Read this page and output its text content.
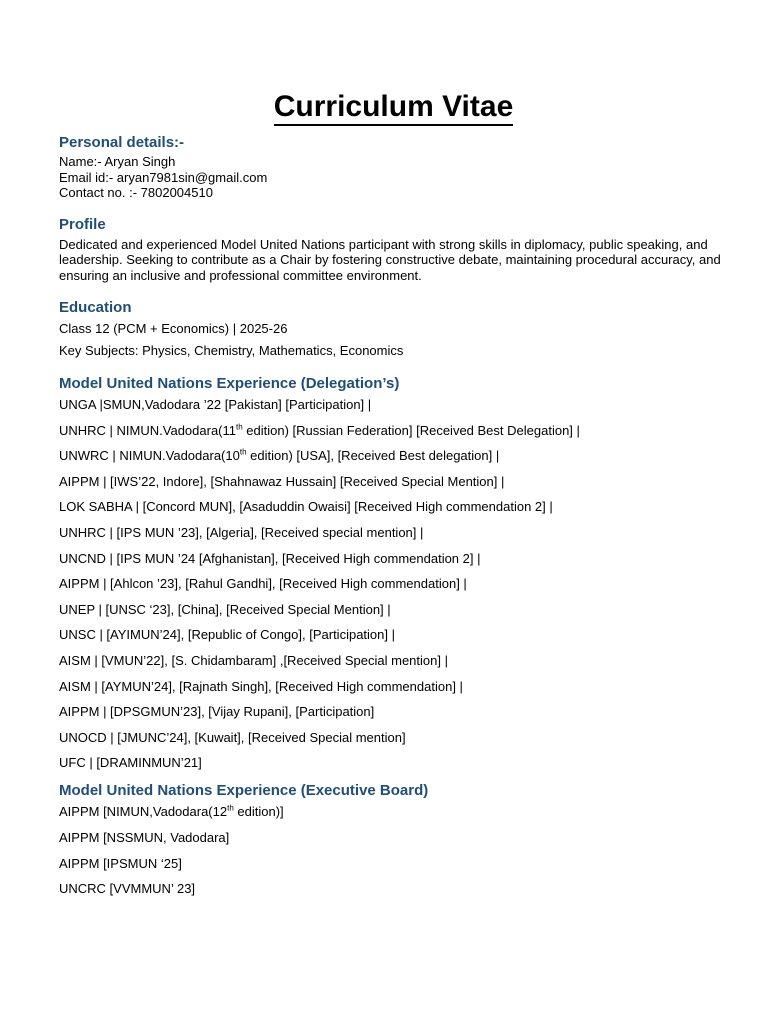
Curriculum Vitae

Personal details:-

Name:- Aryan Singh

Email id:- aryan7981sin@gmail.com

Contact no. :- 7802004510

Profile

Dedicated and experienced Model United Nations participant with strong skills in diplomacy, public speaking, and leadership. Seeking to contribute as a Chair by fostering constructive debate, maintaining procedural accuracy, and ensuring an inclusive and professional committee environment.

Education

Class 12 (PCM + Economics) | 2025-26

Key Subjects: Physics, Chemistry, Mathematics, Economics

Model United Nations Experience (Delegation’s)

UNGA |SMUN,Vadodara ’22 [Pakistan] [Participation] |

UNHRC | NIMUN.Vadodara(11th edition) [Russian Federation] [Received Best Delegation] |

UNWRC | NIMUN.Vadodara(10th edition) [USA], [Received Best delegation] |

AIPPM | [IWS’22, Indore], [Shahnawaz Hussain] [Received Special Mention] |

LOK SABHA | [Concord MUN], [Asaduddin Owaisi] [Received High commendation 2] |

UNHRC | [IPS MUN ’23], [Algeria], [Received special mention] |

UNCND | [IPS MUN ’24 [Afghanistan], [Received High commendation 2] |

AIPPM | [Ahlcon ’23], [Rahul Gandhi], [Received High commendation] |

UNEP | [UNSC ‘23], [China], [Received Special Mention] |

UNSC | [AYIMUN’24], [Republic of Congo], [Participation] |

AISM | [VMUN’22], [S. Chidambaram] ,[Received Special mention] |

AISM | [AYMUN’24], [Rajnath Singh], [Received High commendation] |

AIPPM | [DPSGMUN’23], [Vijay Rupani], [Participation]

UNOCD | [JMUNC’24], [Kuwait], [Received Special mention]

UFC | [DRAMINMUN’21]

Model United Nations Experience (Executive Board)

AIPPM [NIMUN,Vadodara(12th edition)]

AIPPM [NSSMUN, Vadodara]

AIPPM [IPSMUN ‘25]

UNCRC [VVMMUN’ 23]
